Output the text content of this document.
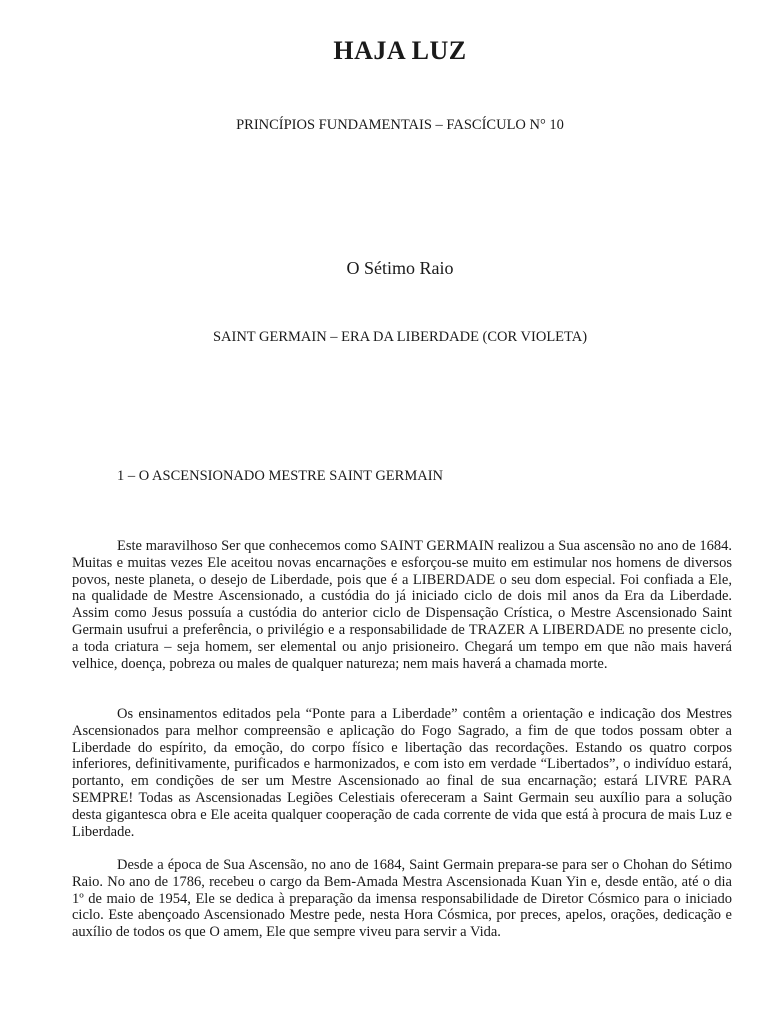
HAJA LUZ
PRINCÍPIOS FUNDAMENTAIS – FASCÍCULO N° 10
O Sétimo Raio
SAINT GERMAIN – ERA DA LIBERDADE (COR VIOLETA)
1 – O ASCENSIONADO MESTRE SAINT GERMAIN

Este maravilhoso Ser que conhecemos como SAINT GERMAIN realizou a Sua ascensão no ano de 1684. Muitas e muitas vezes Ele aceitou novas encarnações e esforçou-se muito em estimular nos homens de diversos povos, neste planeta, o desejo de Liberdade, pois que é a LIBERDADE o seu dom especial. Foi confiada a Ele, na qualidade de Mestre Ascensionado, a custódia do já iniciado ciclo de dois mil anos da Era da Liberdade. Assim como Jesus possuía a custódia do anterior ciclo de Dispensação Crística, o Mestre Ascensionado Saint Germain usufrui a preferência, o privilégio e a responsabilidade de TRAZER A LIBERDADE no presente ciclo, a toda criatura – seja homem, ser elemental ou anjo prisioneiro. Chegará um tempo em que não mais haverá velhice, doença, pobreza ou males de qualquer natureza; nem mais haverá a chamada morte.

Os ensinamentos editados pela “Ponte para a Liberdade” contêm a orientação e indicação dos Mestres Ascensionados para melhor compreensão e aplicação do Fogo Sagrado, a fim de que todos possam obter a Liberdade do espírito, da emoção, do corpo físico e libertação das recordações. Estando os quatro corpos inferiores, definitivamente, purificados e harmonizados, e com isto em verdade “Libertados”, o indivíduo estará, portanto, em condições de ser um Mestre Ascensionado ao final de sua encarnação; estará LIVRE PARA SEMPRE! Todas as Ascensionadas Legiões Celestiais ofereceram a Saint Germain seu auxílio para a solução desta gigantesca obra e Ele aceita qualquer cooperação de cada corrente de vida que está à procura de mais Luz e Liberdade.

Desde a época de Sua Ascensão, no ano de 1684, Saint Germain prepara-se para ser o Chohan do Sétimo Raio. No ano de 1786, recebeu o cargo da Bem-Amada Mestra Ascensionada Kuan Yin e, desde então, até o dia 1º de maio de 1954, Ele se dedica à preparação da imensa responsabilidade de Diretor Cósmico para o iniciado ciclo. Este abençoado Ascensionado Mestre pede, nesta Hora Cósmica, por preces, apelos, orações, dedicação e auxílio de todos os que O amem, Ele que sempre viveu para servir a Vida.
